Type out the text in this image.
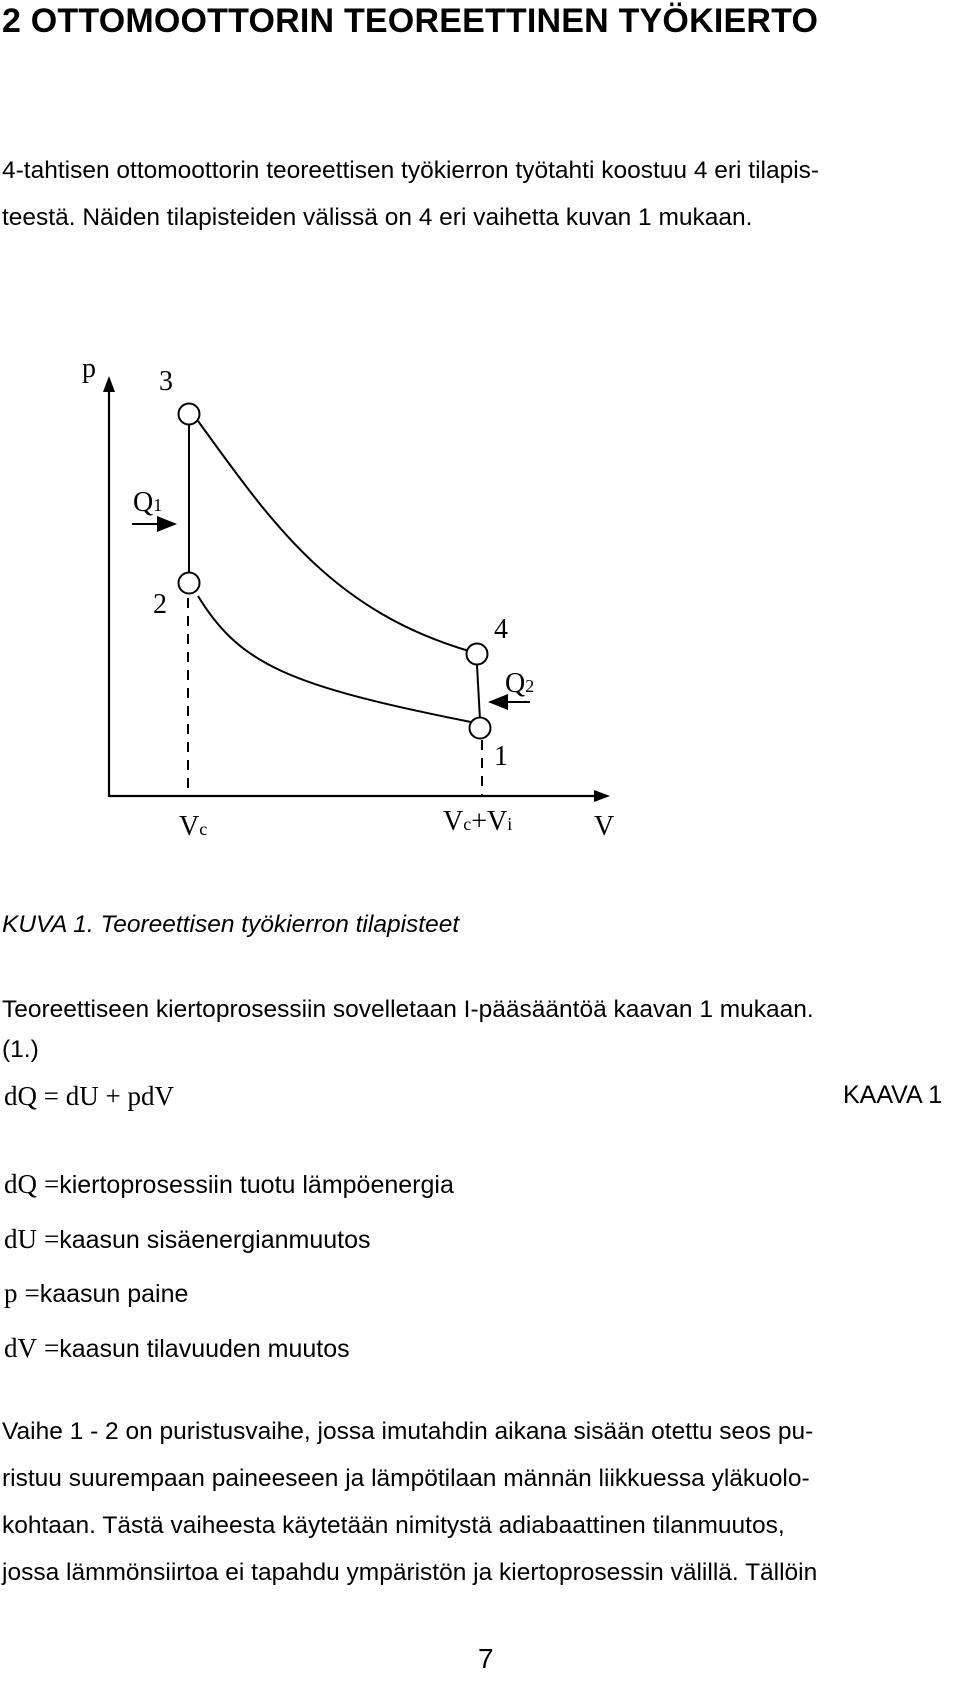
2 OTTOMOOTTORIN TEOREETTINEN TYÖKIERTO

4-tahtisen ottomoottorin teoreettisen työkierron työtahti koostuu 4 eri tilapis-

teestä. Näiden tilapisteiden välissä on 4 eri vaihetta kuvan 1 mukaan.

p 3
Q1
2
4
Q2
1
Vc	Vc+Vi	V

KUVA 1. Teoreettisen työkierron tilapisteet

Teoreettiseen kiertoprosessiin sovelletaan I-pääsääntöä kaavan 1 mukaan.

(1.)

dQ = dU + pdV	KAAVA 1
dQ =kiertoprosessiin tuotu lämpöenergia
dU =kaasun sisäenergianmuutos
p =kaasun paine
dV =kaasun tilavuuden muutos

Vaihe 1 - 2 on puristusvaihe, jossa imutahdin aikana sisään otettu seos pu-

ristuu suurempaan paineeseen ja lämpötilaan männän liikkuessa yläkuolo-

kohtaan. Tästä vaiheesta käytetään nimitystä adiabaattinen tilanmuutos,

jossa lämmönsiirtoa ei tapahdu ympäristön ja kiertoprosessin välillä. Tällöin

7
